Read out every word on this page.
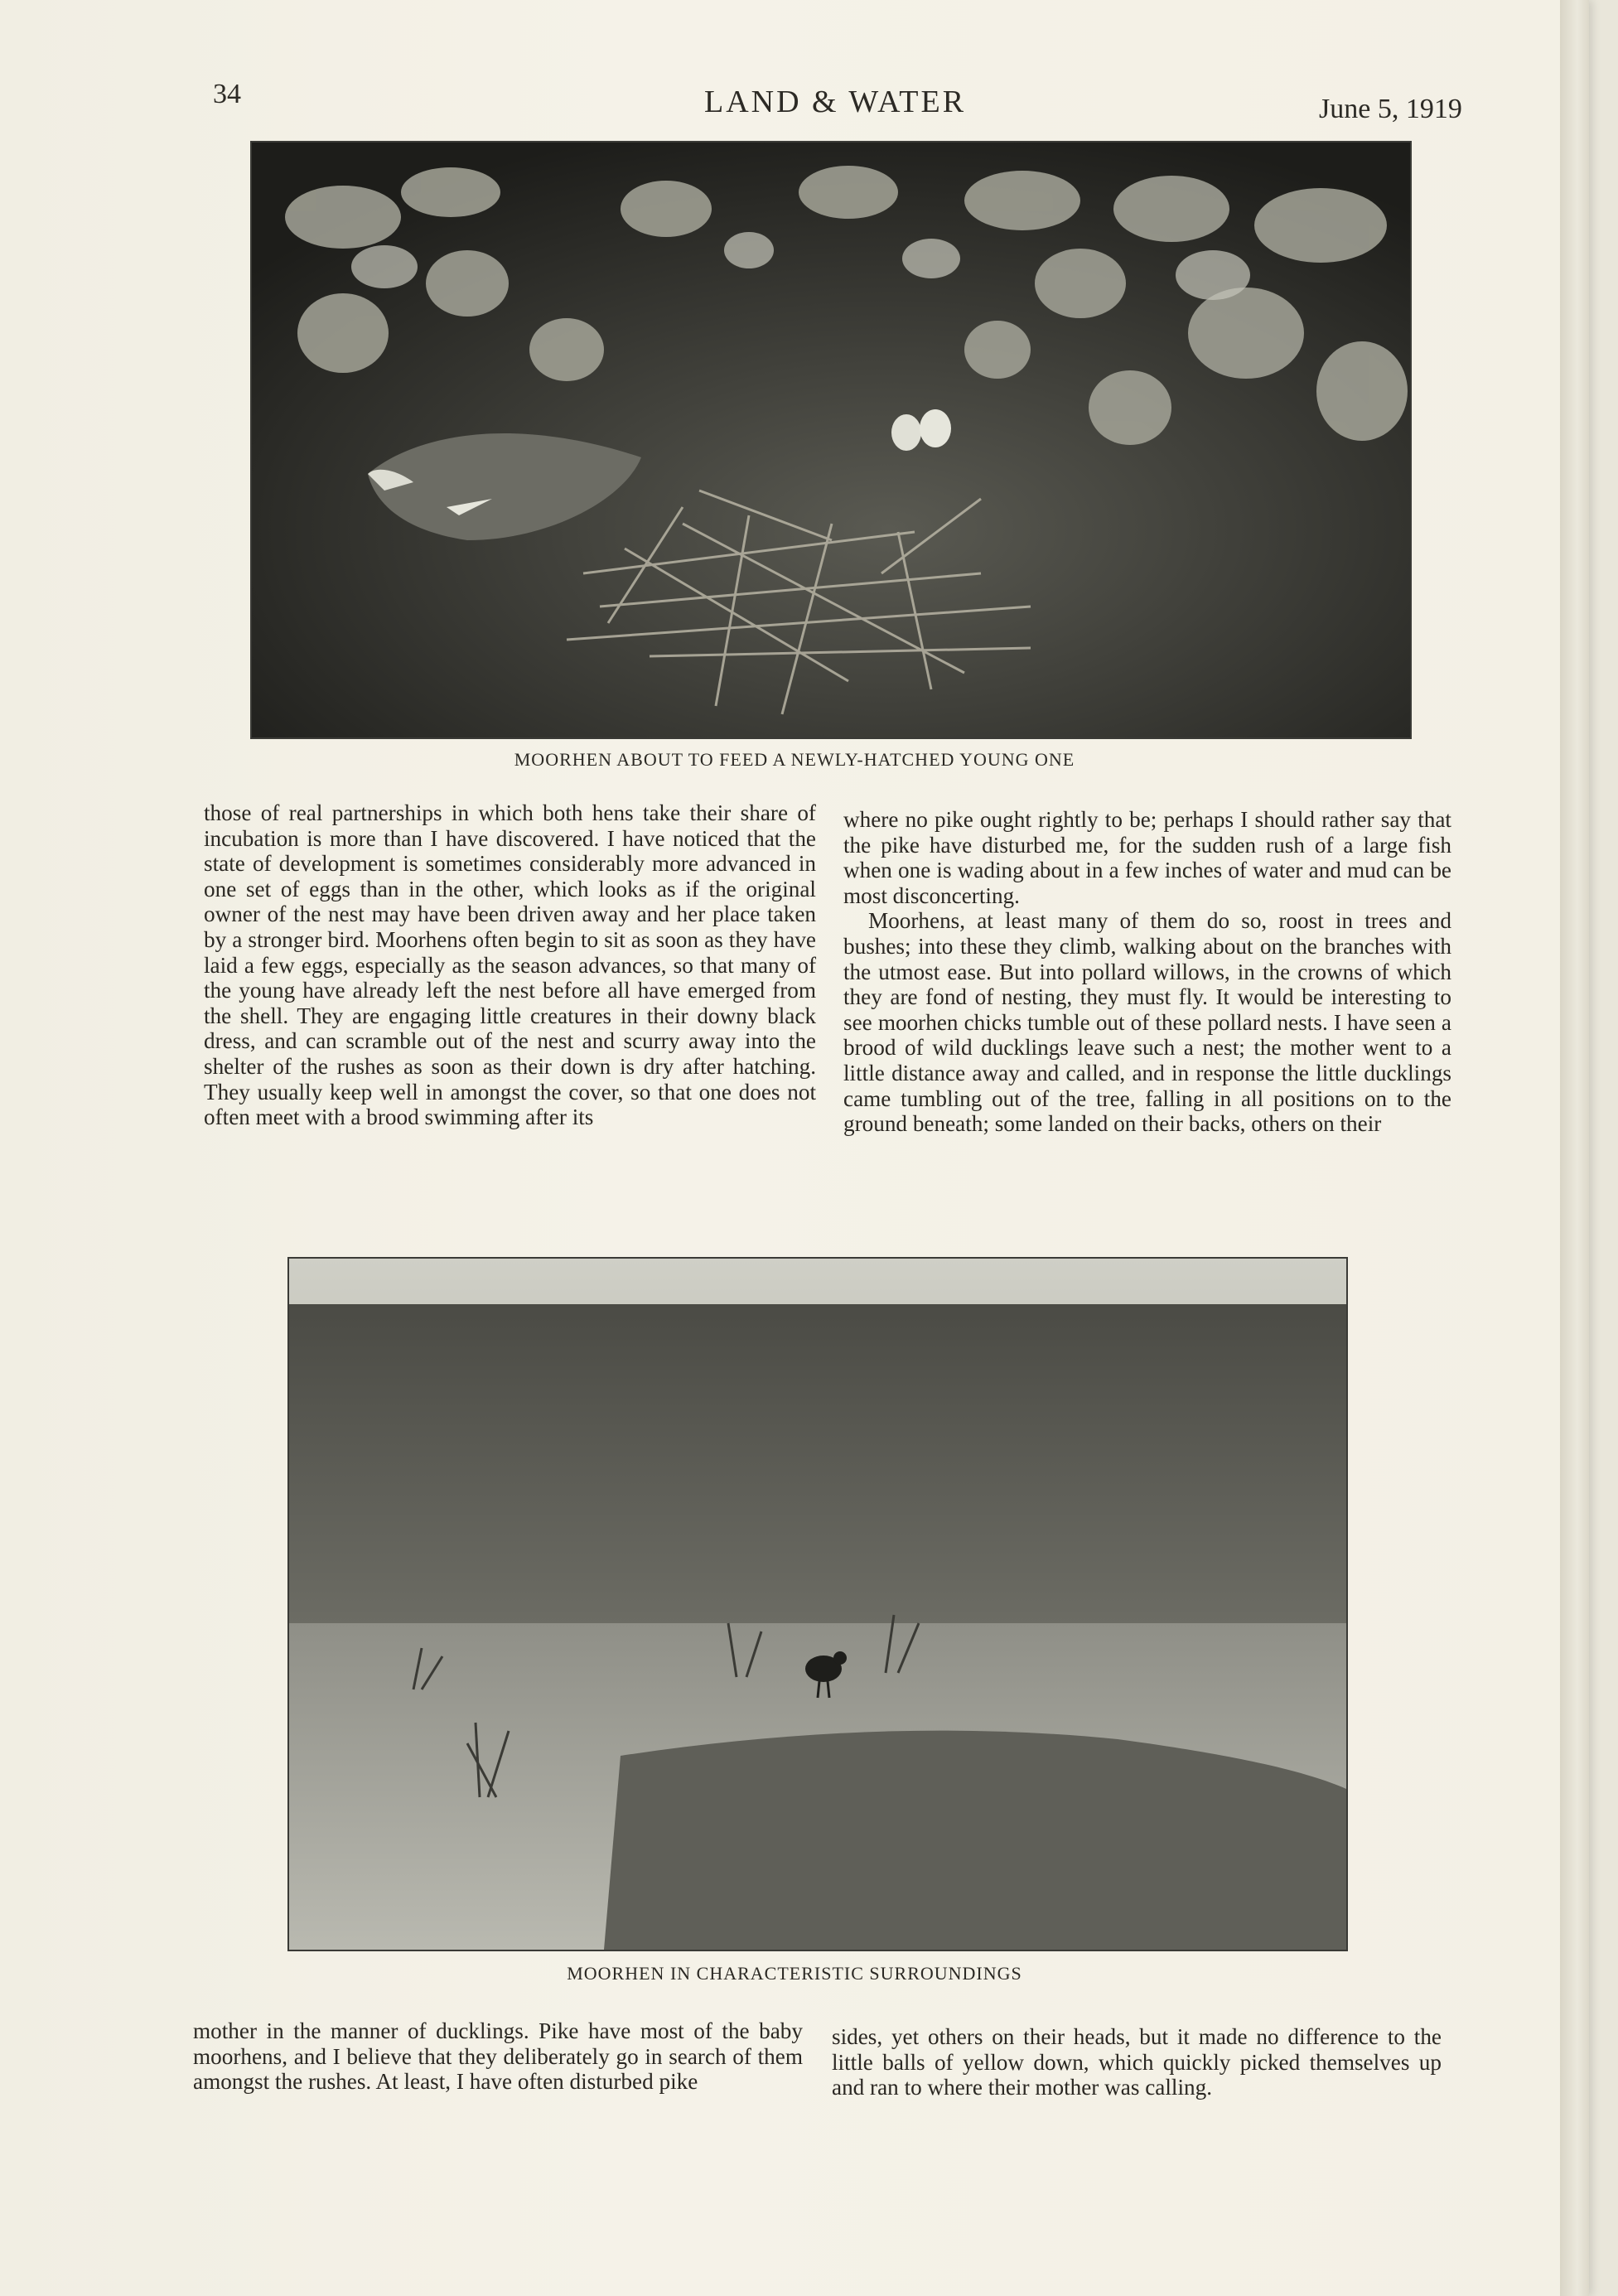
34	LAND & WATER	June 5, 1919
MOORHEN ABOUT TO FEED A NEWLY-HATCHED YOUNG ONE

those of real partnerships in which both hens take their share of incubation is more than I have discovered. I have noticed that the state of development is sometimes considerably more advanced in one set of eggs than in the other, which looks as if the original owner of the nest may have been driven away and her place taken by a stronger bird. Moorhens often begin to sit as soon as they have laid a few eggs, especially as the season advances, so that many of the young have already left the nest before all have emerged from the shell. They are engaging little creatures in their downy black dress, and can scramble out of the nest and scurry away into the shelter of the rushes as soon as their down is dry after hatching. They usually keep well in amongst the cover, so that one does not often meet with a brood swimming after its

where no pike ought rightly to be; perhaps I should rather say that the pike have disturbed me, for the sudden rush of a large fish when one is wading about in a few inches of water and mud can be most disconcerting.

Moorhens, at least many of them do so, roost in trees and bushes; into these they climb, walking about on the branches with the utmost ease. But into pollard willows, in the crowns of which they are fond of nesting, they must fly. It would be interesting to see moorhen chicks tumble out of these pollard nests. I have seen a brood of wild ducklings leave such a nest; the mother went to a little distance away and called, and in response the little ducklings came tumbling out of the tree, falling in all positions on to the ground beneath; some landed on their backs, others on their

MOORHEN IN CHARACTERISTIC SURROUNDINGS

mother in the manner of ducklings. Pike have most of the baby moorhens, and I believe that they deliberately go in search of them amongst the rushes. At least, I have often disturbed pike

sides, yet others on their heads, but it made no difference to the little balls of yellow down, which quickly picked themselves up and ran to where their mother was calling.
